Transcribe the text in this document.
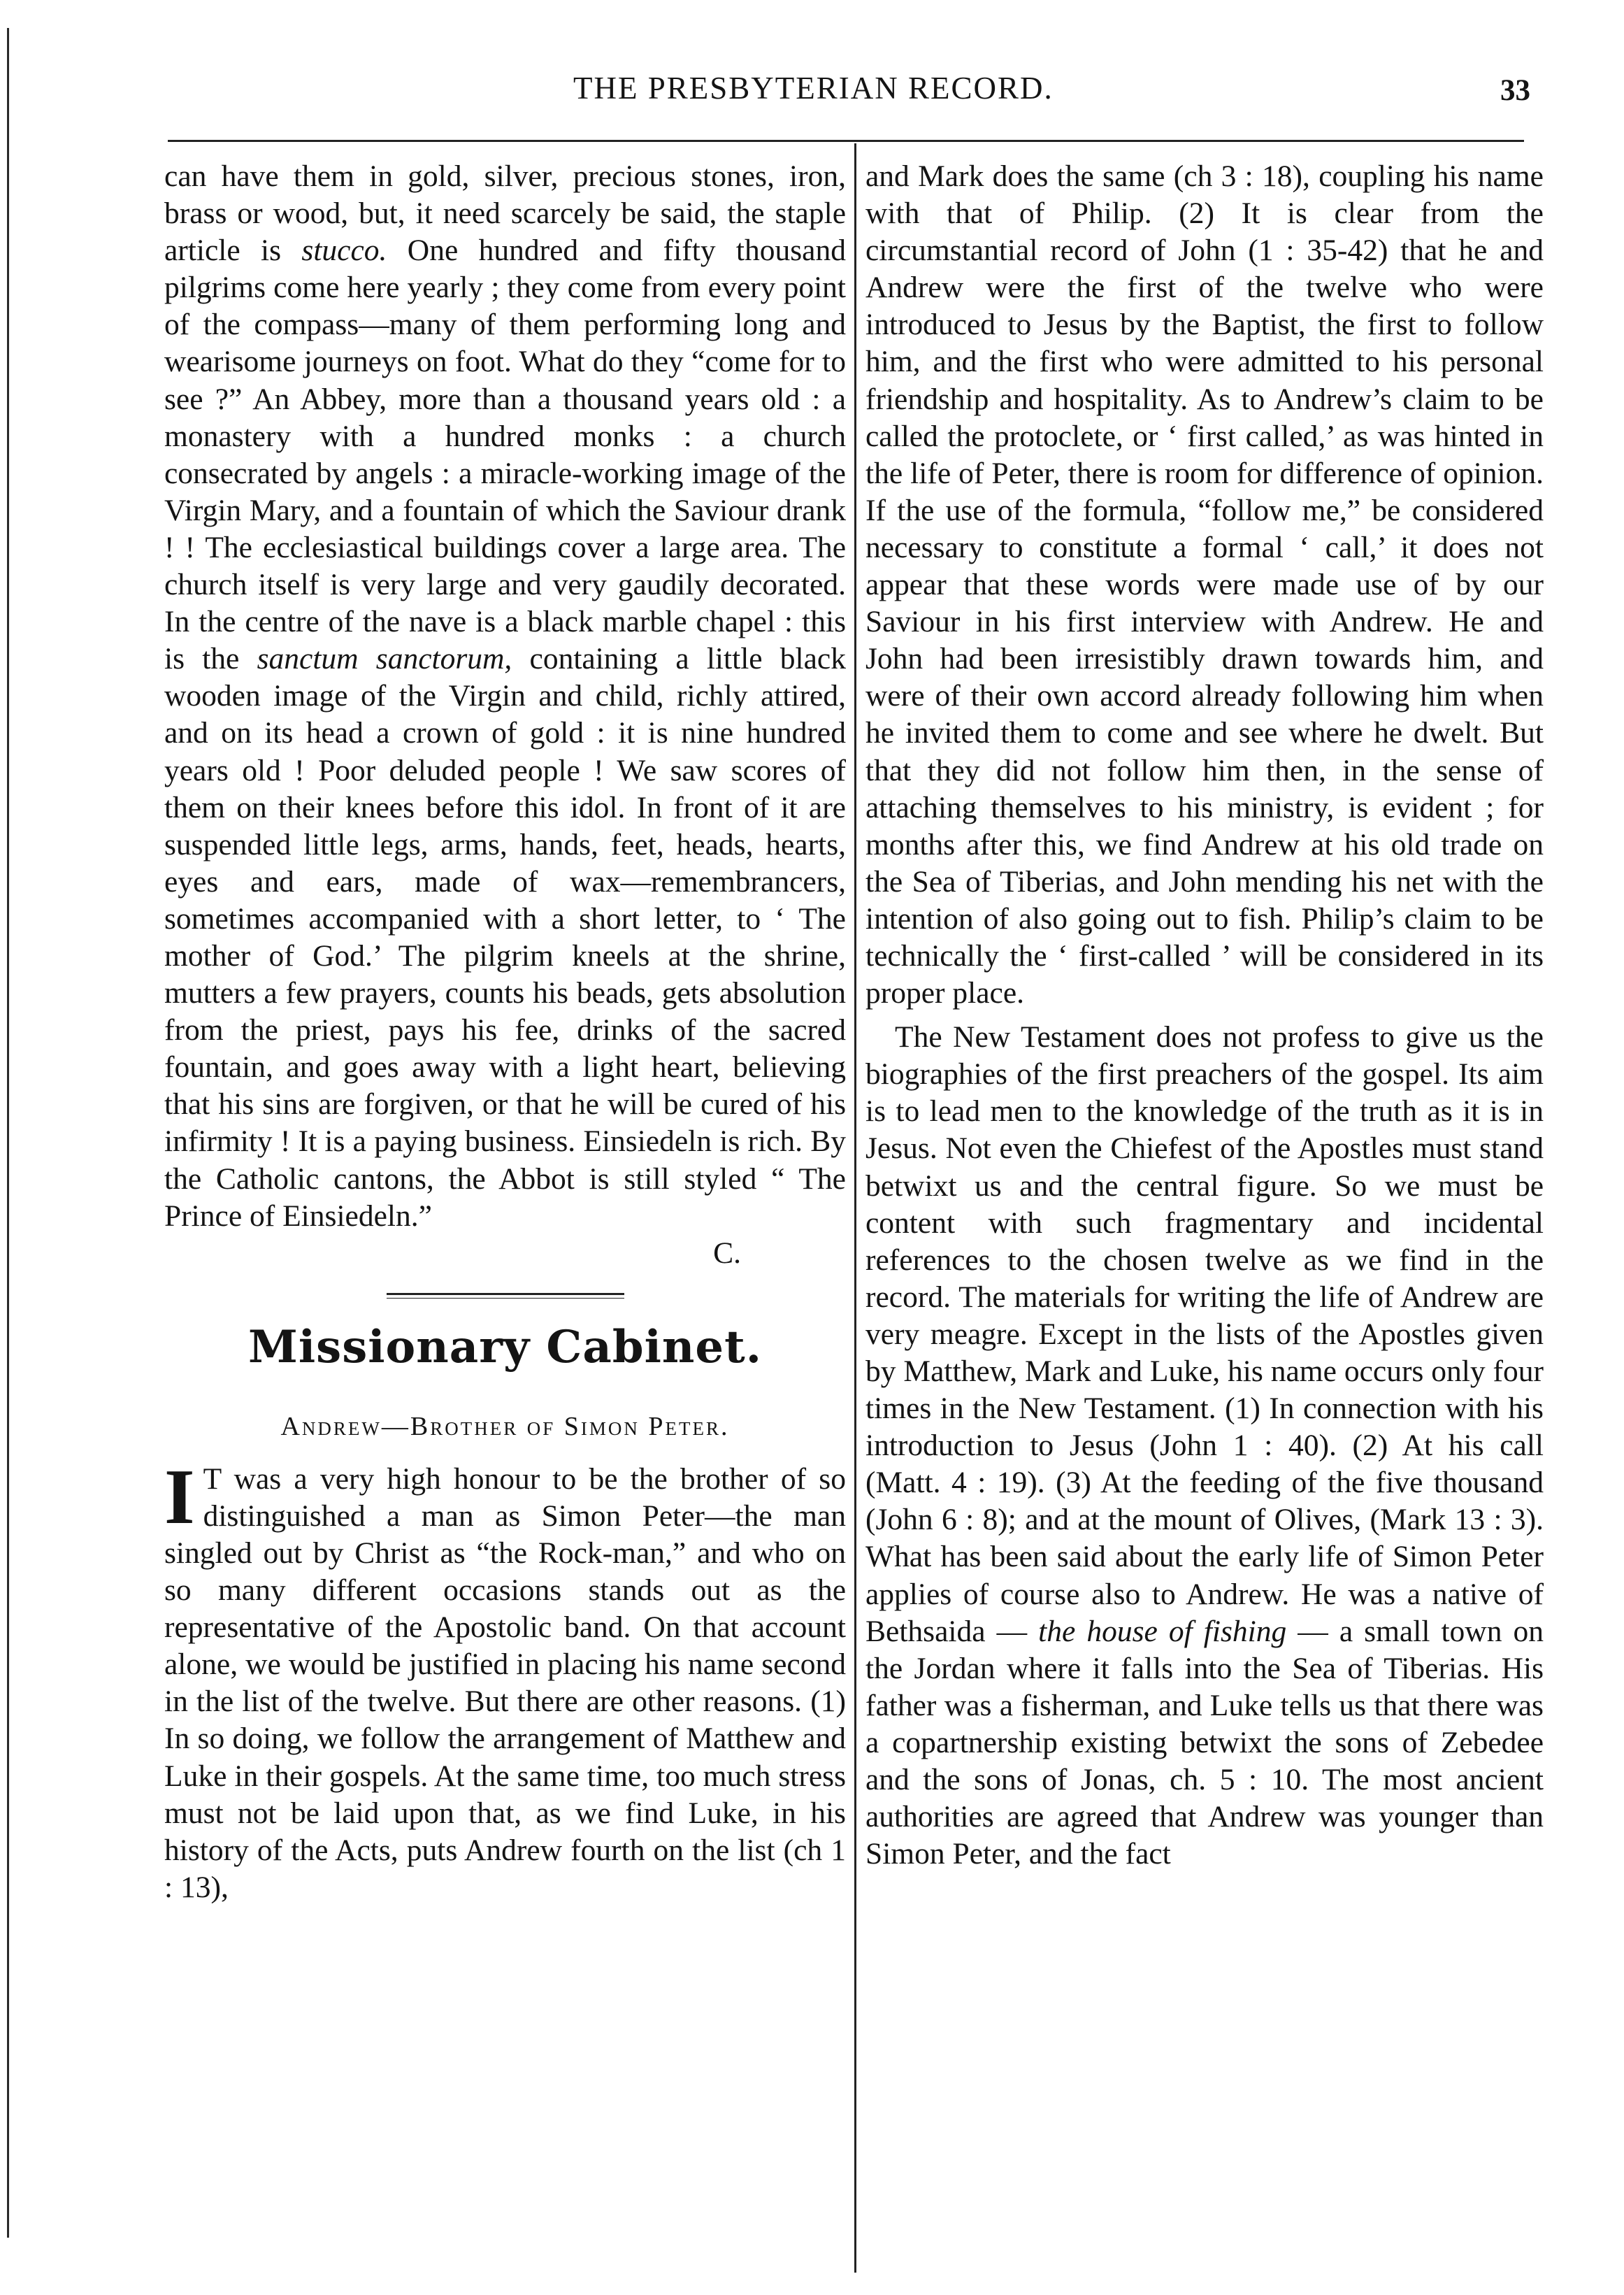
THE PRESBYTERIAN RECORD.	33

can have them in gold, silver, precious stones, iron, brass or wood, but, it need scarcely be said, the staple article is stucco. One hundred and fifty thousand pilgrims come here yearly ; they come from every point of the compass—many of them performing long and wearisome journeys on foot. What do they “come for to see ?” An Abbey, more than a thousand years old : a monastery with a hundred monks : a church consecrated by angels : a miracle-working image of the Virgin Mary, and a fountain of which the Saviour drank ! ! The ecclesiastical buildings cover a large area. The church itself is very large and very gaudily decorated. In the centre of the nave is a black marble chapel : this is the sanctum sanctorum, containing a little black wooden image of the Virgin and child, richly attired, and on its head a crown of gold : it is nine hundred years old ! Poor deluded people ! We saw scores of them on their knees before this idol. In front of it are suspended little legs, arms, hands, feet, heads, hearts, eyes and ears, made of wax—remembrancers, sometimes accompanied with a short letter, to ‘ The mother of God.’ The pilgrim kneels at the shrine, mutters a few prayers, counts his beads, gets absolution from the priest, pays his fee, drinks of the sacred fountain, and goes away with a light heart, believing that his sins are forgiven, or that he will be cured of his infirmity ! It is a paying business. Einsiedeln is rich. By the Catholic cantons, the Abbot is still styled “ The Prince of Einsiedeln.”

C.

Missionary Cabinet.
Andrew—Brother of Simon Peter.
I T was a very high honour to be the brother of so distinguished a man as Simon Peter—the man singled out by Christ as “the Rock-man,” and who on so many different occasions stands out as the representative of the Apostolic band. On that account alone, we would be justified in placing his name second in the list of the twelve. But there are other reasons. (1) In so doing, we follow the arrangement of Matthew and Luke in their gospels. At the same time, too much stress must not be laid upon that, as we find Luke, in his history of the Acts, puts Andrew fourth on the list (ch 1 : 13),

and Mark does the same (ch 3 : 18), coupling his name with that of Philip. (2) It is clear from the circumstantial record of John (1 : 35-42) that he and Andrew were the first of the twelve who were introduced to Jesus by the Baptist, the first to follow him, and the first who were admitted to his personal friendship and hospitality. As to Andrew’s claim to be called the protoclete, or ‘ first called,’ as was hinted in the life of Peter, there is room for difference of opinion. If the use of the formula, “follow me,” be considered necessary to constitute a formal ‘ call,’ it does not appear that these words were made use of by our Saviour in his first interview with Andrew. He and John had been irresistibly drawn towards him, and were of their own accord already following him when he invited them to come and see where he dwelt. But that they did not follow him then, in the sense of attaching themselves to his ministry, is evident ; for months after this, we find Andrew at his old trade on the Sea of Tiberias, and John mending his net with the intention of also going out to fish. Philip’s claim to be technically the ‘ first-called ’ will be considered in its proper place.

The New Testament does not profess to give us the biographies of the first preachers of the gospel. Its aim is to lead men to the knowledge of the truth as it is in Jesus. Not even the Chiefest of the Apostles must stand betwixt us and the central figure. So we must be content with such fragmentary and incidental references to the chosen twelve as we find in the record. The materials for writing the life of Andrew are very meagre. Except in the lists of the Apostles given by Matthew, Mark and Luke, his name occurs only four times in the New Testament. (1) In connection with his introduction to Jesus (John 1 : 40). (2) At his call (Matt. 4 : 19). (3) At the feeding of the five thousand (John 6 : 8); and at the mount of Olives, (Mark 13 : 3). What has been said about the early life of Simon Peter applies of course also to Andrew. He was a native of Bethsaida — the house of fishing — a small town on the Jordan where it falls into the Sea of Tiberias. His father was a fisherman, and Luke tells us that there was a copartnership existing betwixt the sons of Zebedee and the sons of Jonas, ch. 5 : 10. The most ancient authorities are agreed that Andrew was younger than Simon Peter, and the fact
